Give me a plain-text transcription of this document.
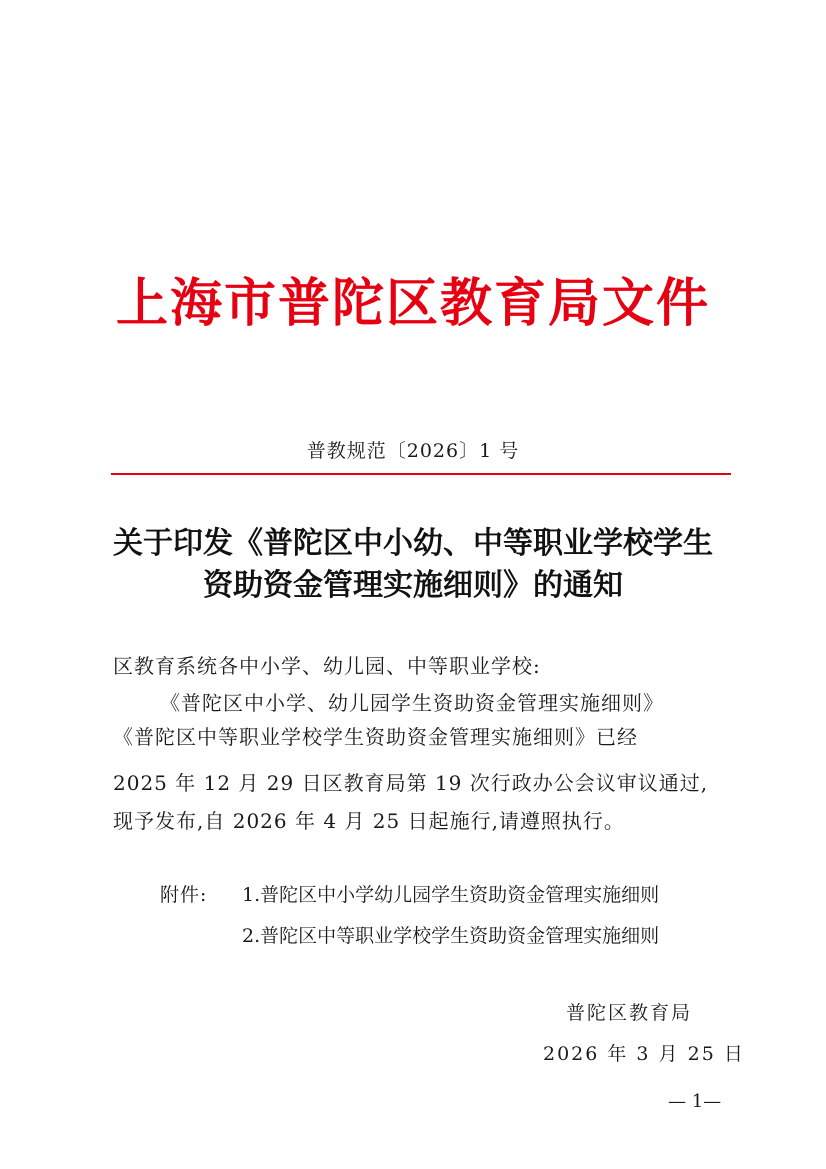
上海市普陀区教育局文件
普教规范〔2026〕1 号
关于印发《普陀区中小幼、中等职业学校学生
资助资金管理实施细则》的通知
区教育系统各中小学、幼儿园、中等职业学校:
《普陀区中小学、幼儿园学生资助资金管理实施细则》
《普陀区中等职业学校学生资助资金管理实施细则》已经
2025 年 12 月 29 日区教育局第 19 次行政办公会议审议通过,
现予发布,自 2026 年 4 月 25 日起施行,请遵照执行。
附件: 1.普陀区中小学幼儿园学生资助资金管理实施细则
2.普陀区中等职业学校学生资助资金管理实施细则
普陀区教育局
2026 年 3 月 25 日
— 1—
